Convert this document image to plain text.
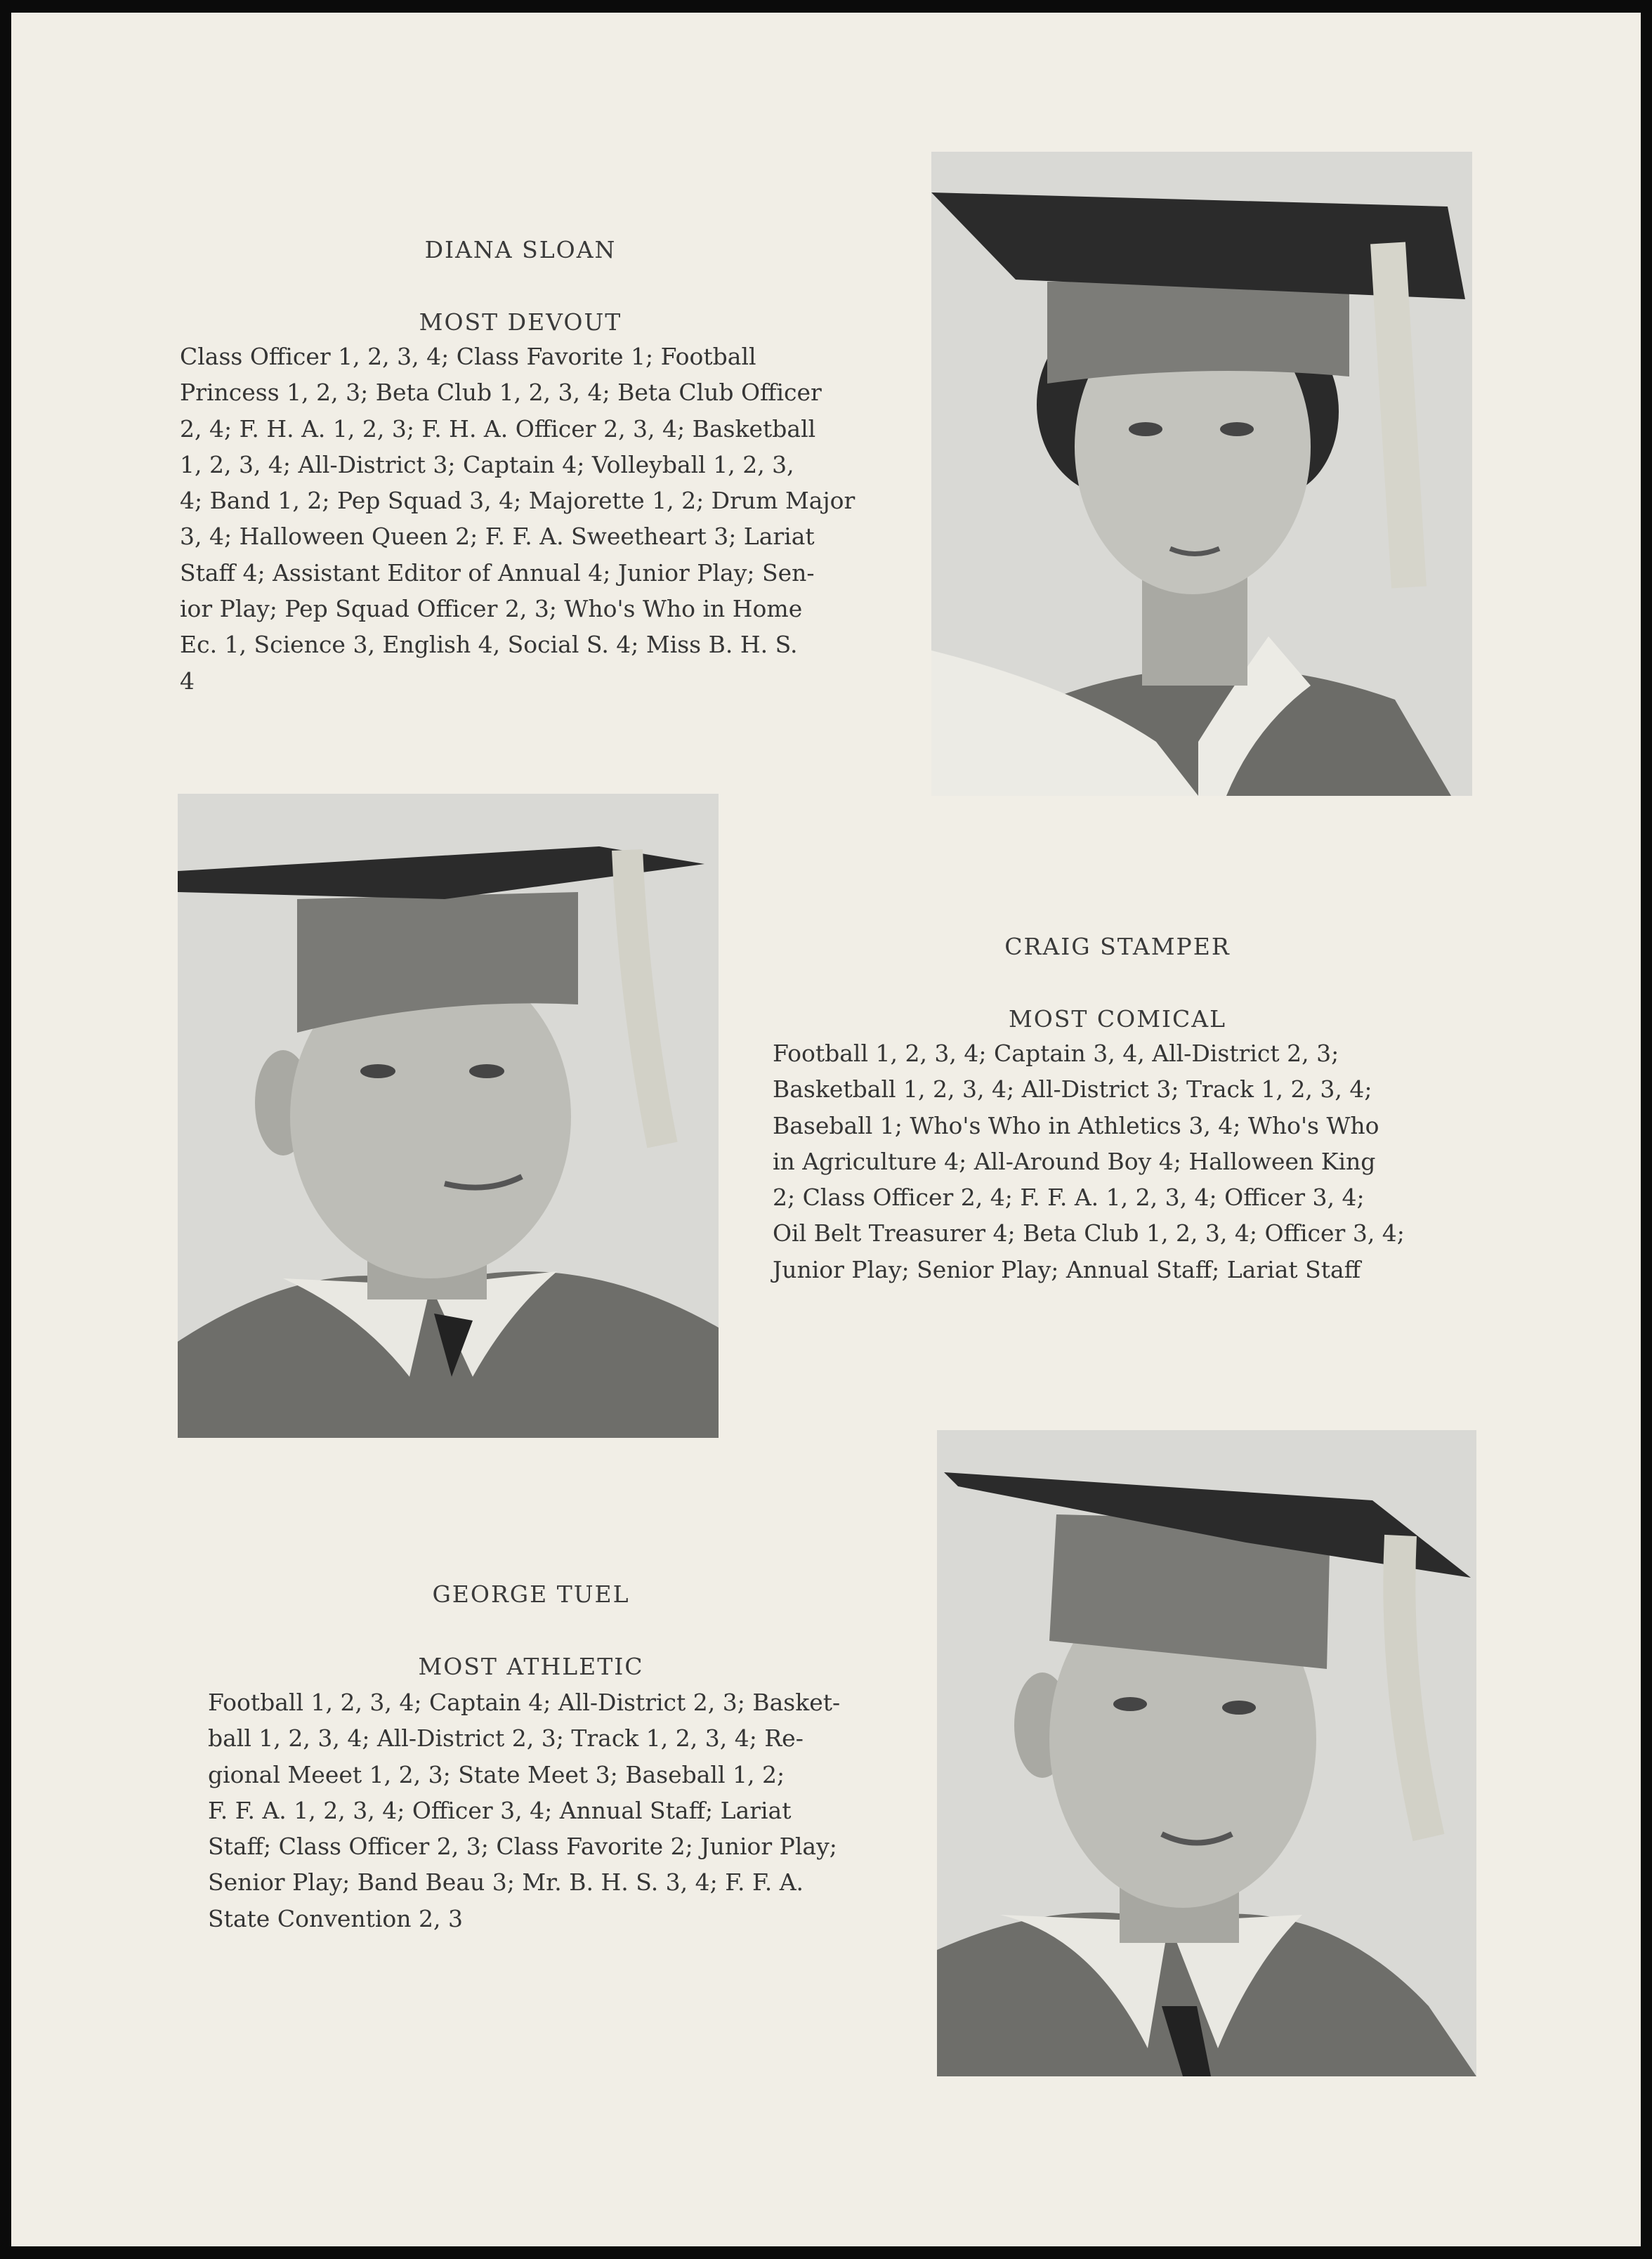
DIANA SLOAN
MOST DEVOUT
Class Officer 1, 2, 3, 4; Class Favorite 1; Football
Princess 1, 2, 3; Beta Club 1, 2, 3, 4; Beta Club Officer
2, 4; F. H. A. 1, 2, 3; F. H. A. Officer 2, 3, 4; Basketball
1, 2, 3, 4; All-District 3; Captain 4; Volleyball 1, 2, 3,
4; Band 1, 2; Pep Squad 3, 4; Majorette 1, 2; Drum Major
3, 4; Halloween Queen 2; F. F. A. Sweetheart 3; Lariat
Staff 4; Assistant Editor of Annual 4; Junior Play; Sen-
ior Play; Pep Squad Officer 2, 3; Who's Who in Home
Ec. 1, Science 3, English 4, Social S. 4; Miss B. H. S.
4
CRAIG STAMPER
MOST COMICAL
Football 1, 2, 3, 4; Captain 3, 4, All-District 2, 3;
Basketball 1, 2, 3, 4; All-District 3; Track 1, 2, 3, 4;
Baseball 1; Who's Who in Athletics 3, 4; Who's Who
in Agriculture 4; All-Around Boy 4; Halloween King
2; Class Officer 2, 4; F. F. A. 1, 2, 3, 4; Officer 3, 4;
Oil Belt Treasurer 4; Beta Club 1, 2, 3, 4; Officer 3, 4;
Junior Play; Senior Play; Annual Staff; Lariat Staff
GEORGE TUEL
MOST ATHLETIC
Football 1, 2, 3, 4; Captain 4; All-District 2, 3; Basket-
ball 1, 2, 3, 4; All-District 2, 3; Track 1, 2, 3, 4; Re-
gional Meeet 1, 2, 3; State Meet 3; Baseball 1, 2;
F. F. A. 1, 2, 3, 4; Officer 3, 4; Annual Staff; Lariat
Staff; Class Officer 2, 3; Class Favorite 2; Junior Play;
Senior Play; Band Beau 3; Mr. B. H. S. 3, 4; F. F. A.
State Convention 2, 3
